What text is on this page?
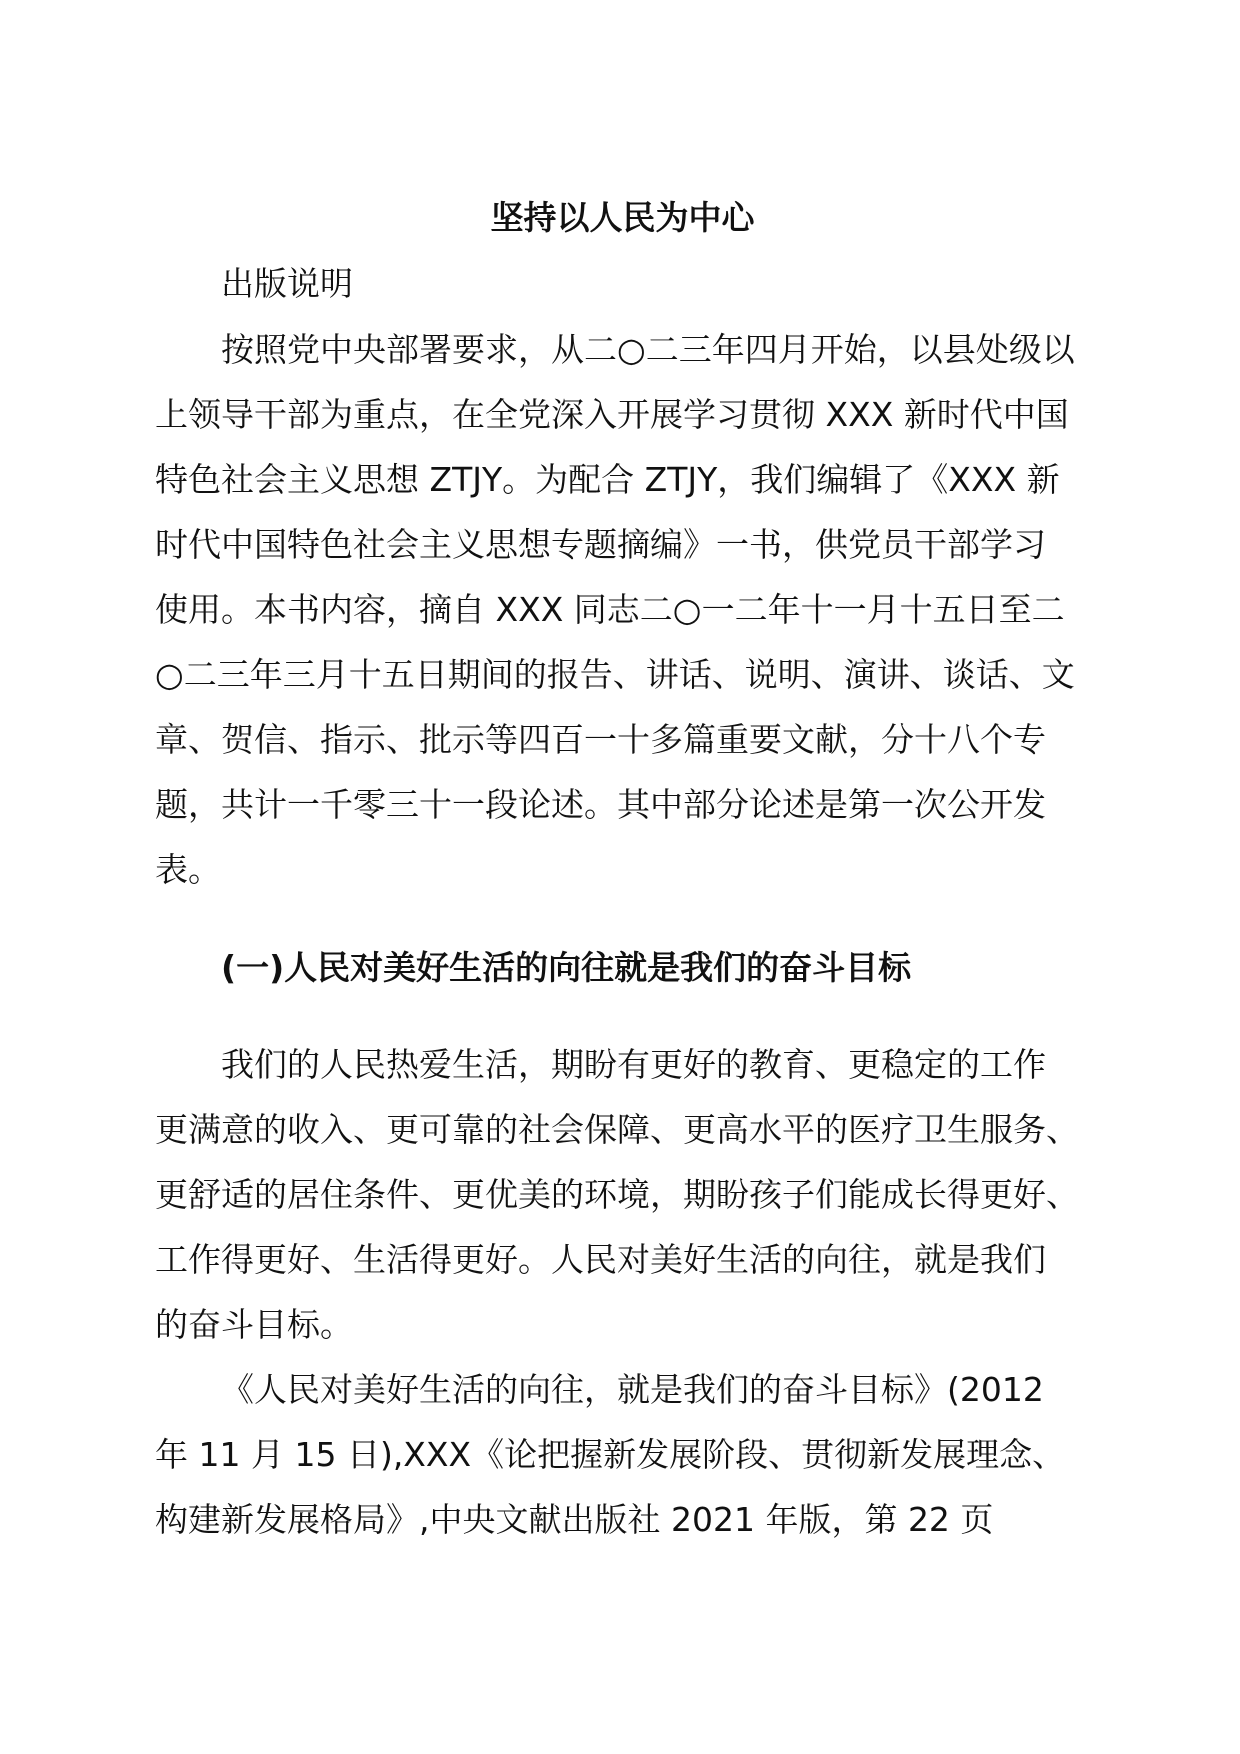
坚持以人民为中心

出版说明

按照党中央部署要求，从二○二三年四月开始，以县处级以
上领导干部为重点，在全党深入开展学习贯彻 XXX 新时代中国
特色社会主义思想 ZTJY。为配合 ZTJY，我们编辑了《XXX 新
时代中国特色社会主义思想专题摘编》一书，供党员干部学习
使用。本书内容，摘自 XXX 同志二○一二年十一月十五日至二
○二三年三月十五日期间的报告、讲话、说明、演讲、谈话、文
章、贺信、指示、批示等四百一十多篇重要文献，分十八个专
题，共计一千零三十一段论述。其中部分论述是第一次公开发
表。

(一)人民对美好生活的向往就是我们的奋斗目标

我们的人民热爱生活，期盼有更好的教育、更稳定的工作
更满意的收入、更可靠的社会保障、更高水平的医疗卫生服务、
更舒适的居住条件、更优美的环境，期盼孩子们能成长得更好、
工作得更好、生活得更好。人民对美好生活的向往，就是我们
的奋斗目标。

《人民对美好生活的向往，就是我们的奋斗目标》(2012
年 11 月 15 日),XXX《论把握新发展阶段、贯彻新发展理念、
构建新发展格局》,中央文献出版社 2021 年版，第 22 页
